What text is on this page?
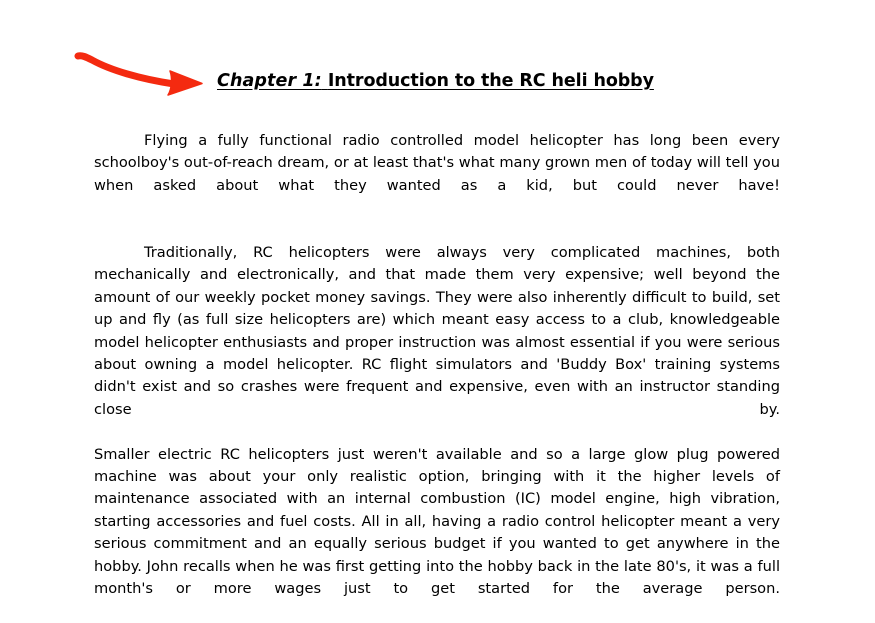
Chapter 1: Introduction to the RC heli hobby

Flying a fully functional radio controlled model helicopter has long been every schoolboy's out-of-reach dream, or at least that's what many grown men of today will tell you when asked about what they wanted as a kid, but could never have!

Traditionally, RC helicopters were always very complicated machines, both mechanically and electronically, and that made them very expensive; well beyond the amount of our weekly pocket money savings. They were also inherently difficult to build, set up and fly (as full size helicopters are) which meant easy access to a club, knowledgeable model helicopter enthusiasts and proper instruction was almost essential if you were serious about owning a model helicopter. RC flight simulators and 'Buddy Box' training systems didn't exist and so crashes were frequent and expensive, even with an instructor standing close by.

Smaller electric RC helicopters just weren't available and so a large glow plug powered machine was about your only realistic option, bringing with it the higher levels of maintenance associated with an internal combustion (IC) model engine, high vibration, starting accessories and fuel costs. All in all, having a radio control helicopter meant a very serious commitment and an equally serious budget if you wanted to get anywhere in the hobby. John recalls when he was first getting into the hobby back in the late 80's, it was a full month's or more wages just to get started for the average person.
